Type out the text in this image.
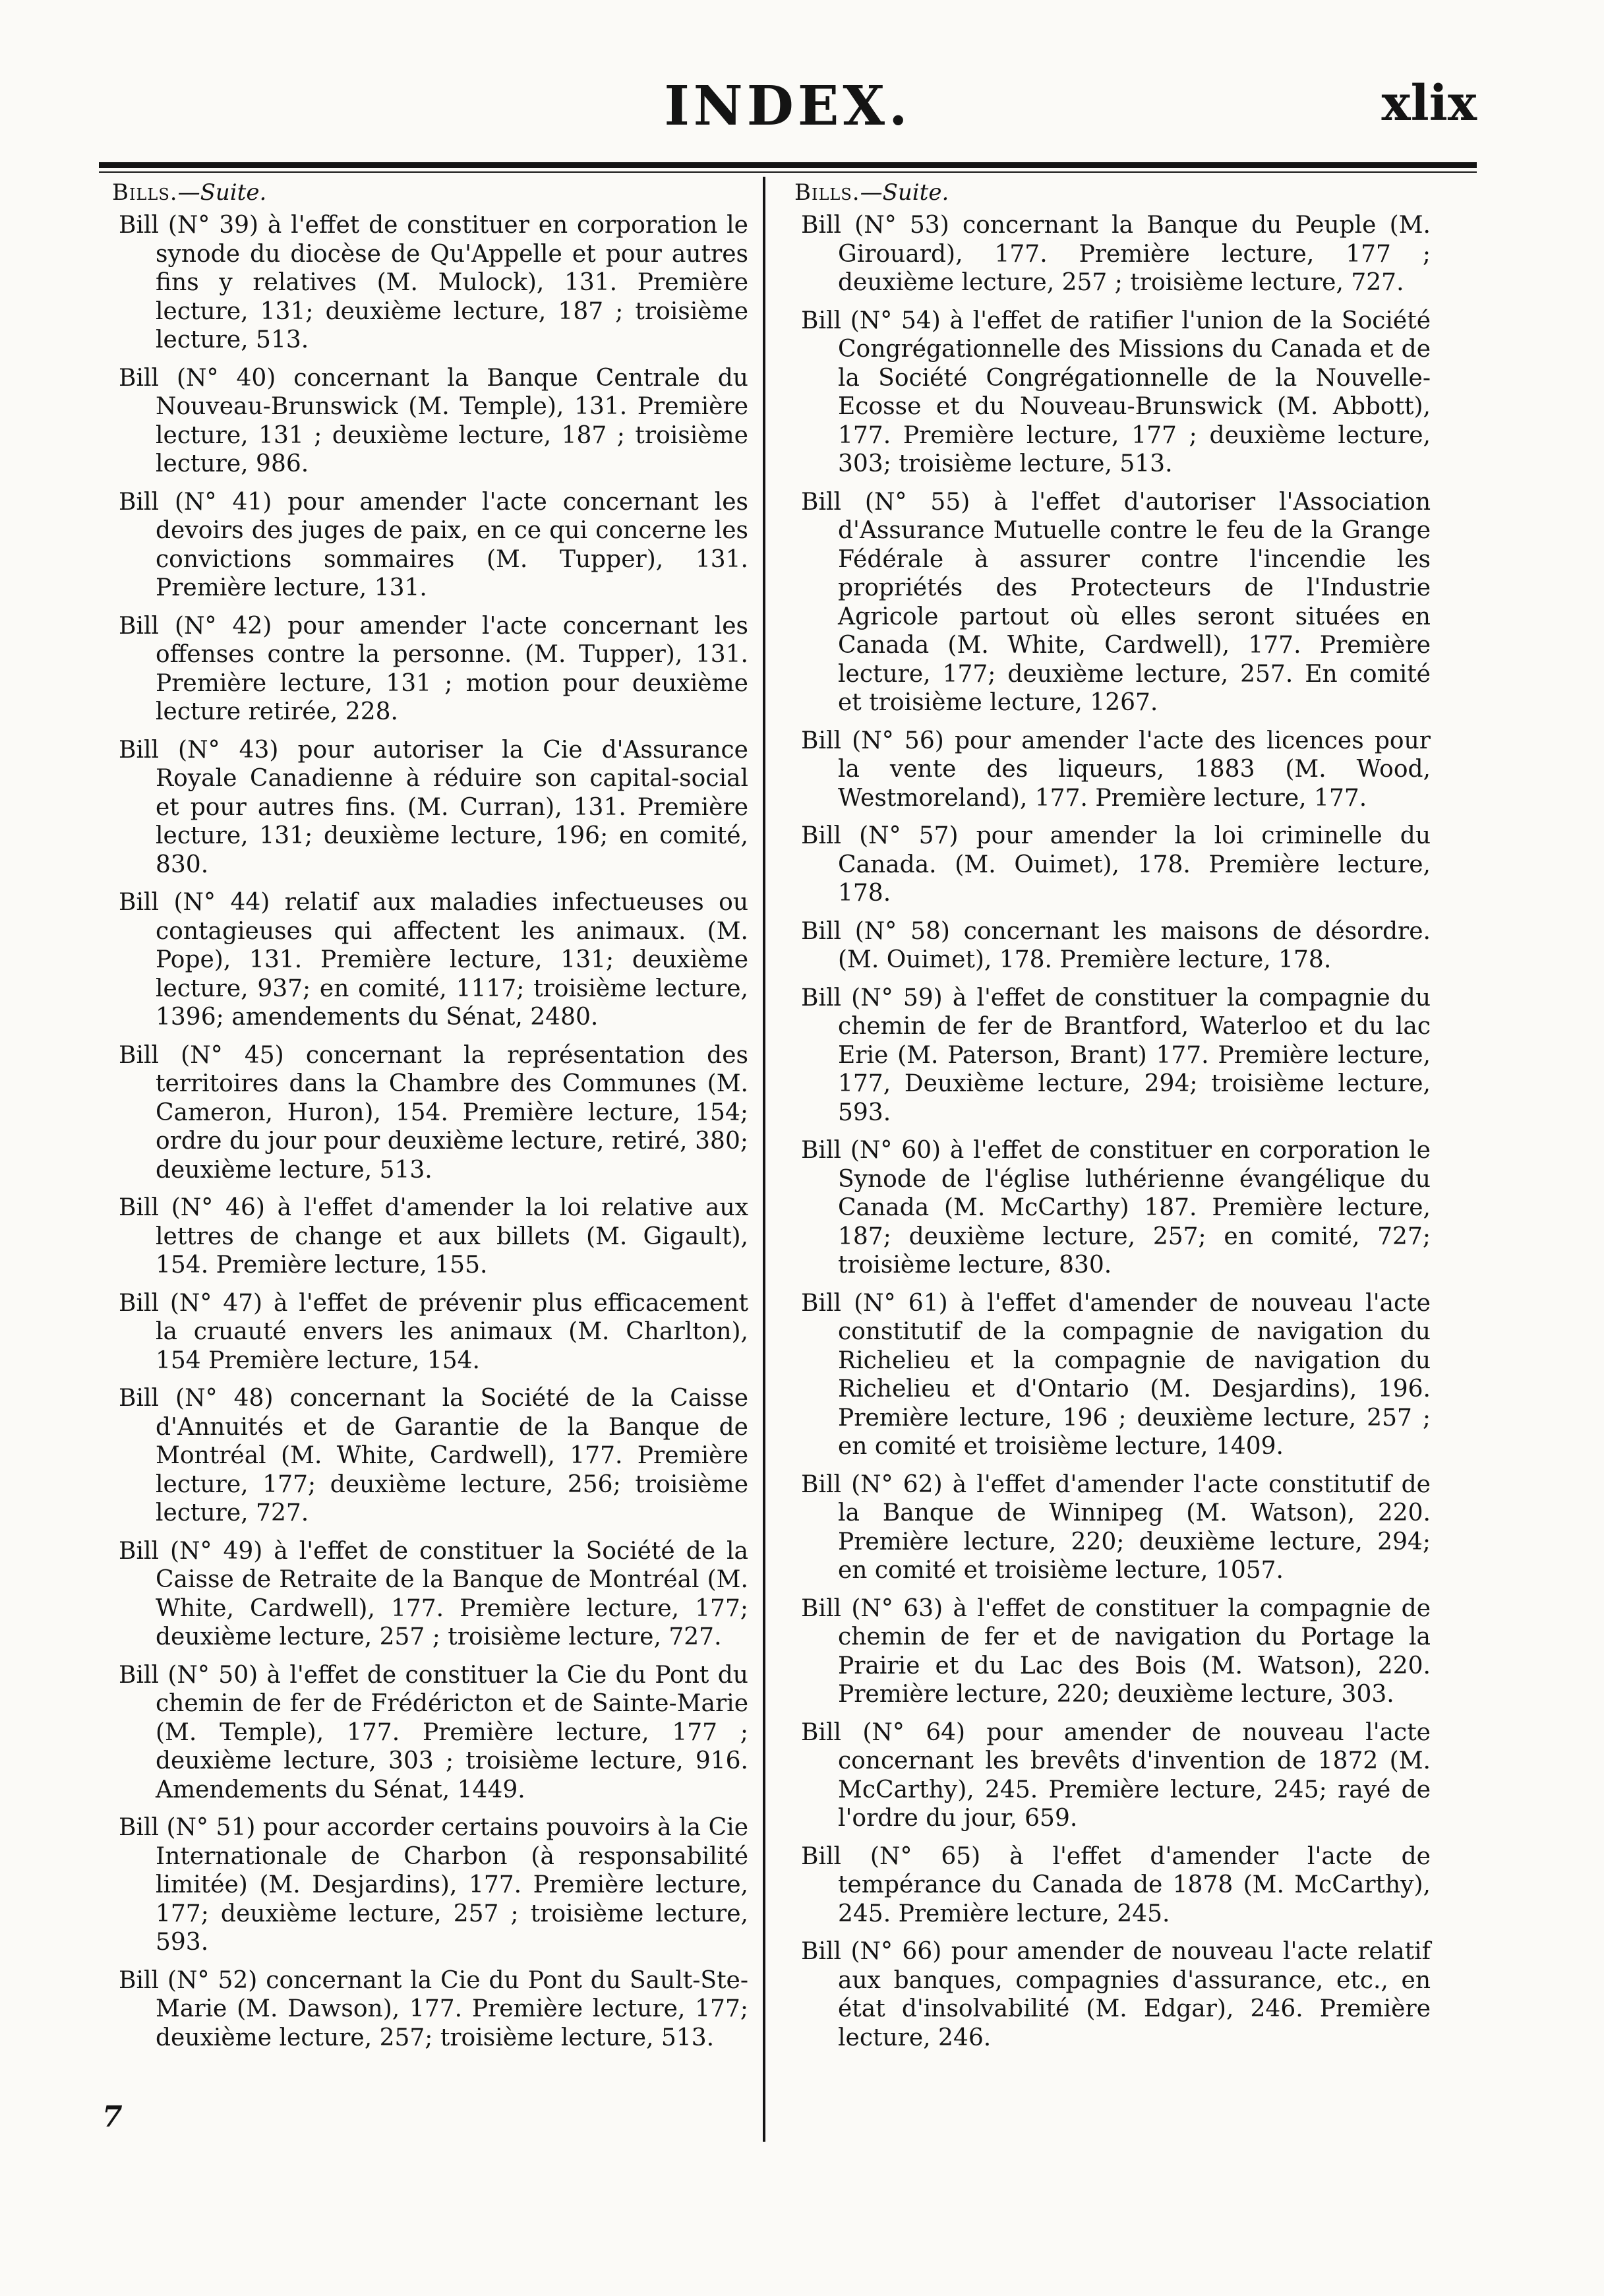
INDEX.	xlix
Bills.—Suite.

Bill (N° 39) à l'effet de constituer en corporation le synode du diocèse de Qu'Appelle et pour autres fins y relatives (M. Mulock), 131. Première lecture, 131; deuxième lecture, 187 ; troisième lecture, 513.

Bill (N° 40) concernant la Banque Centrale du Nouveau-Brunswick (M. Temple), 131. Première lecture, 131 ; deuxième lecture, 187 ; troisième lecture, 986.

Bill (N° 41) pour amender l'acte concernant les devoirs des juges de paix, en ce qui concerne les convictions sommaires (M. Tupper), 131. Première lecture, 131.

Bill (N° 42) pour amender l'acte concernant les offenses contre la personne. (M. Tupper), 131. Première lecture, 131 ; motion pour deuxième lecture retirée, 228.

Bill (N° 43) pour autoriser la Cie d'Assurance Royale Canadienne à réduire son capital-social et pour autres fins. (M. Curran), 131. Première lecture, 131; deuxième lecture, 196; en comité, 830.

Bill (N° 44) relatif aux maladies infectueuses ou contagieuses qui affectent les animaux. (M. Pope), 131. Première lecture, 131; deuxième lecture, 937; en comité, 1117; troisième lecture, 1396; amendements du Sénat, 2480.

Bill (N° 45) concernant la représentation des territoires dans la Chambre des Communes (M. Cameron, Huron), 154. Première lecture, 154; ordre du jour pour deuxième lecture, retiré, 380; deuxième lecture, 513.

Bill (N° 46) à l'effet d'amender la loi relative aux lettres de change et aux billets (M. Gigault), 154. Première lecture, 155.

Bill (N° 47) à l'effet de prévenir plus efficacement la cruauté envers les animaux (M. Charlton), 154 Première lecture, 154.

Bill (N° 48) concernant la Société de la Caisse d'Annuités et de Garantie de la Banque de Montréal (M. White, Cardwell), 177. Première lecture, 177; deuxième lecture, 256; troisième lecture, 727.

Bill (N° 49) à l'effet de constituer la Société de la Caisse de Retraite de la Banque de Montréal (M. White, Cardwell), 177. Première lecture, 177; deuxième lecture, 257 ; troisième lecture, 727.

Bill (N° 50) à l'effet de constituer la Cie du Pont du chemin de fer de Frédéricton et de Sainte-Marie (M. Temple), 177. Première lecture, 177 ; deuxième lecture, 303 ; troisième lecture, 916. Amendements du Sénat, 1449.

Bill (N° 51) pour accorder certains pouvoirs à la Cie Internationale de Charbon (à responsabilité limitée) (M. Desjardins), 177. Première lecture, 177; deuxième lecture, 257 ; troisième lecture, 593.

Bill (N° 52) concernant la Cie du Pont du Sault-Ste-Marie (M. Dawson), 177. Première lecture, 177; deuxième lecture, 257; troisième lecture, 513.

Bills.—Suite.

Bill (N° 53) concernant la Banque du Peuple (M. Girouard), 177. Première lecture, 177 ; deuxième lecture, 257 ; troisième lecture, 727.

Bill (N° 54) à l'effet de ratifier l'union de la Société Congrégationnelle des Missions du Canada et de la Société Congrégationnelle de la Nouvelle-Ecosse et du Nouveau-Brunswick (M. Abbott), 177. Première lecture, 177 ; deuxième lecture, 303; troisième lecture, 513.

Bill (N° 55) à l'effet d'autoriser l'Association d'Assurance Mutuelle contre le feu de la Grange Fédérale à assurer contre l'incendie les propriétés des Protecteurs de l'Industrie Agricole partout où elles seront situées en Canada (M. White, Cardwell), 177. Première lecture, 177; deuxième lecture, 257. En comité et troisième lecture, 1267.

Bill (N° 56) pour amender l'acte des licences pour la vente des liqueurs, 1883 (M. Wood, Westmoreland), 177. Première lecture, 177.

Bill (N° 57) pour amender la loi criminelle du Canada. (M. Ouimet), 178. Première lecture, 178.

Bill (N° 58) concernant les maisons de désordre. (M. Ouimet), 178. Première lecture, 178.

Bill (N° 59) à l'effet de constituer la compagnie du chemin de fer de Brantford, Waterloo et du lac Erie (M. Paterson, Brant) 177. Première lecture, 177, Deuxième lecture, 294; troisième lecture, 593.

Bill (N° 60) à l'effet de constituer en corporation le Synode de l'église luthérienne évangélique du Canada (M. McCarthy) 187. Première lecture, 187; deuxième lecture, 257; en comité, 727; troisième lecture, 830.

Bill (N° 61) à l'effet d'amender de nouveau l'acte constitutif de la compagnie de navigation du Richelieu et la compagnie de navigation du Richelieu et d'Ontario (M. Desjardins), 196. Première lecture, 196 ; deuxième lecture, 257 ; en comité et troisième lecture, 1409.

Bill (N° 62) à l'effet d'amender l'acte constitutif de la Banque de Winnipeg (M. Watson), 220. Première lecture, 220; deuxième lecture, 294; en comité et troisième lecture, 1057.

Bill (N° 63) à l'effet de constituer la compagnie de chemin de fer et de navigation du Portage la Prairie et du Lac des Bois (M. Watson), 220. Première lecture, 220; deuxième lecture, 303.

Bill (N° 64) pour amender de nouveau l'acte concernant les brevêts d'invention de 1872 (M. McCarthy), 245. Première lecture, 245; rayé de l'ordre du jour, 659.

Bill (N° 65) à l'effet d'amender l'acte de tempérance du Canada de 1878 (M. McCarthy), 245. Première lecture, 245.

Bill (N° 66) pour amender de nouveau l'acte relatif aux banques, compagnies d'assurance, etc., en état d'insolvabilité (M. Edgar), 246. Première lecture, 246.

7
